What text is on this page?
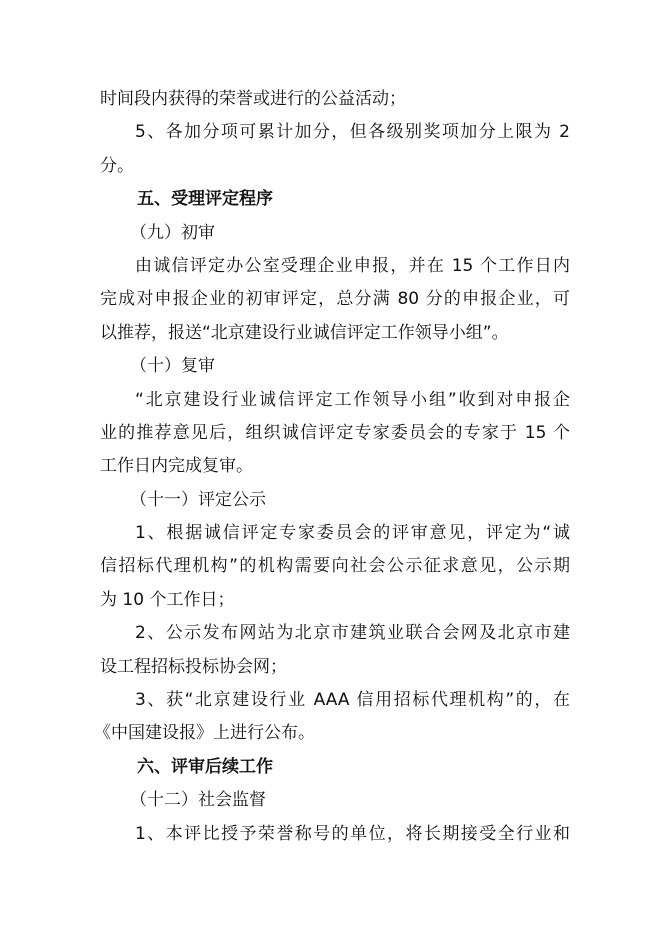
时间段内获得的荣誉或进行的公益活动；
5、各加分项可累计加分，但各级别奖项加分上限为 2
分。
五、受理评定程序
（九）初审
由诚信评定办公室受理企业申报，并在 15 个工作日内
完成对申报企业的初审评定，总分满 80 分的申报企业，可
以推荐，报送“北京建设行业诚信评定工作领导小组”。
（十）复审
“北京建设行业诚信评定工作领导小组”收到对申报企
业的推荐意见后，组织诚信评定专家委员会的专家于 15 个
工作日内完成复审。
（十一）评定公示
1、根据诚信评定专家委员会的评审意见，评定为“诚
信招标代理机构”的机构需要向社会公示征求意见，公示期
为 10 个工作日；
2、公示发布网站为北京市建筑业联合会网及北京市建
设工程招标投标协会网；
3、获“北京建设行业 AAA 信用招标代理机构”的，在
《中国建设报》上进行公布。
六、评审后续工作
（十二）社会监督
1、本评比授予荣誉称号的单位，将长期接受全行业和
